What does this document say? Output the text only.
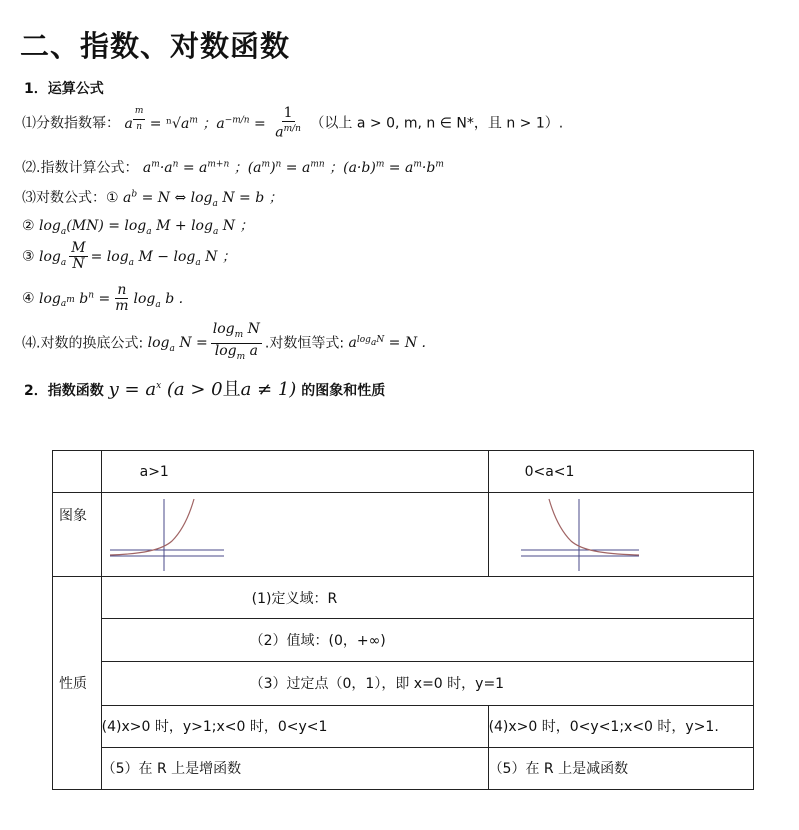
二、指数、对数函数
1．运算公式
⑴分数指数幂： a $^{\frac{m}{n}} = ^n√a^m$ ；$a^{-m/n} = \frac{1}{a^{m/n}}$ （以上 a > 0, m, n ∈ N*，且 n > 1）.
⑵.指数计算公式： $a^m\cdot a^n = a^{m+n}$ ；$(a^m)^n = a^{mn}$ ；$(a\cdot b)^m = a^m\cdot b^m$
⑶对数公式：① $a^b = N$ ⇔ $\log_a N = b$ ；
② $\log_a(MN) = \log_a M + \log_a N$ ；
③ $\log_a \frac{M}{N} = \log_a M - \log_a N$ ；
④ $\log_{a^m} b^n = \frac{n}{m} \log_a b$ .
⑷.对数的换底公式: $\log_a N = \frac{\log_m N}{\log_m a}$ .对数恒等式: $a^{log_aN} = N$ .
2．指数函数 $y = a^x$ (a > 0且a ≠ 1) 的图象和性质
	a>1	0<a<1
图象	

性质	(1)定义域：R	
	（2）值域：(0，+∞)	
	（3）过定点（0，1），即 x=0 时，y=1	
	(4)x>0 时，y>1;x<0 时，0<y<1	(4)x>0 时，0<y<1;x<0 时，y>1.
	（5）在 R 上是增函数	（5）在 R 上是减函数
